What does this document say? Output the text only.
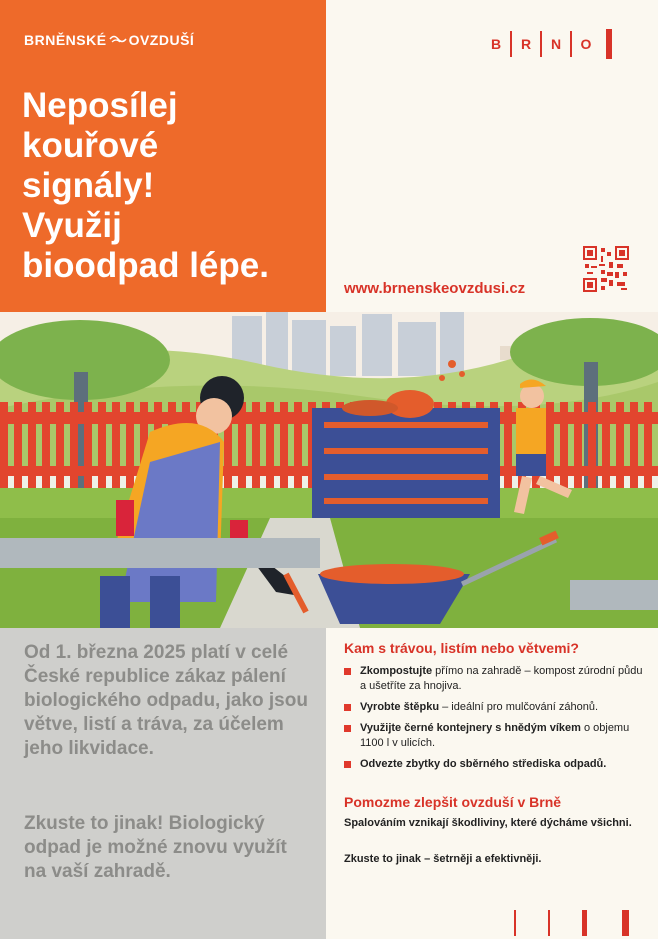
BRNĚNSKÉ OVZDUŠÍ
Neposílej
kouřové
signály!
Využij
bioodpad lépe.
B	R	N	O
www.brnenskeovzdusi.cz

Od 1. března 2025 platí v celé České republice zákaz pálení biologického odpadu, jako jsou větve, listí a tráva, za účelem jeho likvidace.

Zkuste to jinak! Biologický odpad je možné znovu využít na vaší zahradě.

Kam s trávou, listím nebo větvemi?
Zkompostujte přímo na zahradě – kompost zúrodní půdu a ušetříte za hnojiva.
Vyrobte štěpku – ideální pro mulčování záhonů.
Využijte černé kontejnery s hnědým víkem o objemu 1100 l v ulicích.
Odvezte zbytky do sběrného střediska odpadů.
Pomozme zlepšit ovzduší v Brně

Spalováním vznikají škodliviny, které dýcháme všichni.

Zkuste to jinak – šetrněji a efektivněji.
